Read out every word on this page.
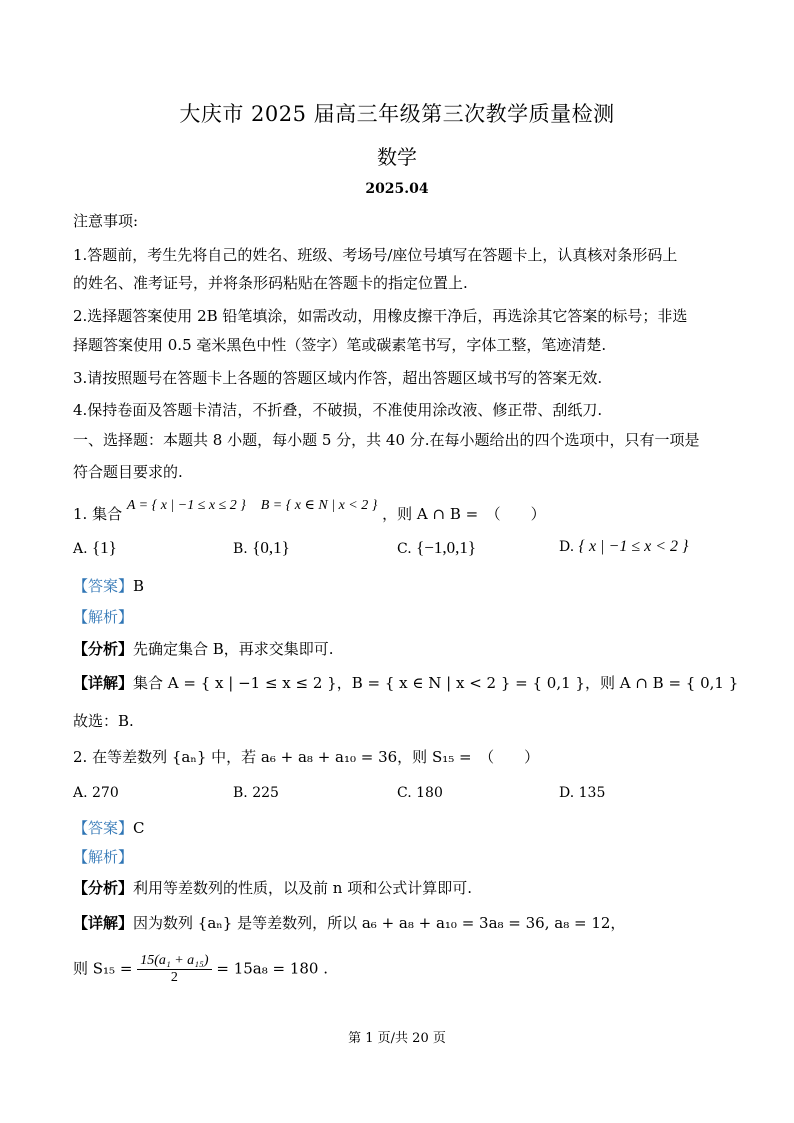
大庆市 2025 届高三年级第三次教学质量检测
数学
2025.04
注意事项:
1.答题前，考生先将自己的姓名、班级、考场号/座位号填写在答题卡上，认真核对条形码上
的姓名、准考证号，并将条形码粘贴在答题卡的指定位置上.
2.选择题答案使用 2B 铅笔填涂，如需改动，用橡皮擦干净后，再选涂其它答案的标号；非选
择题答案使用 0.5 毫米黑色中性（签字）笔或碳素笔书写，字体工整，笔迹清楚.
3.请按照题号在答题卡上各题的答题区域内作答，超出答题区域书写的答案无效.
4.保持卷面及答题卡清洁，不折叠，不破损，不准使用涂改液、修正带、刮纸刀.
一、选择题：本题共 8 小题，每小题 5 分，共 40 分.在每小题给出的四个选项中，只有一项是
符合题目要求的.
1. 集合 A = { x | −1 ≤ x ≤ 2 } B = { x ∈ N | x < 2 } ，则 A ∩ B =　（　　）
A. {1}	B. {0,1}	C. {−1,0,1}	D. { x | −1 ≤ x < 2 }
【答案】B
【解析】
【分析】先确定集合 B，再求交集即可.
【详解】集合 A = { x | −1 ≤ x ≤ 2 }，B = { x ∈ N | x < 2 } = { 0,1 }，则 A ∩ B = { 0,1 }
故选：B.
2. 在等差数列 {aₙ} 中，若 a₆ + a₈ + a₁₀ = 36，则 S₁₅ =　（　　）
A. 270	B. 225	C. 180	D. 135
【答案】C
【解析】
【分析】利用等差数列的性质，以及前 n 项和公式计算即可.
【详解】因为数列 {aₙ} 是等差数列，所以 a₆ + a₈ + a₁₀ = 3a₈ = 36, a₈ = 12，
则 $S_{15} = \frac{\text{15(a₁ + a₁₅)}}{2} = 15a_8 = 180$ .
第 1 页/共 20 页
